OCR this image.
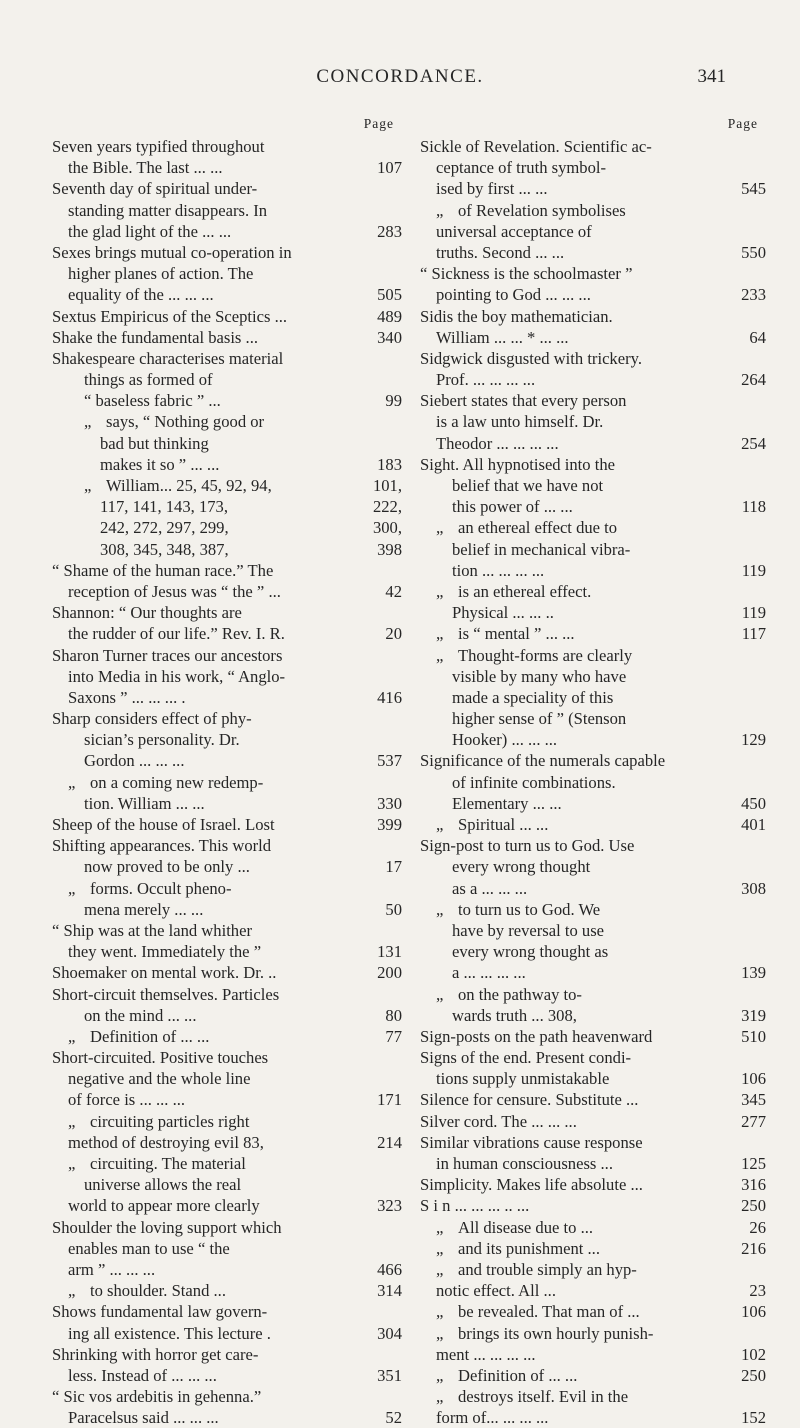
CONCORDANCE.	341
Page
Seven years typified throughout
the Bible. The last ... ...	107
Seventh day of spiritual under-
standing matter disappears. In
the glad light of the ... ...	283
Sexes brings mutual co-operation in
higher planes of action. The
equality of the ... ... ...	505
Sextus Empiricus of the Sceptics ...	489
Shake the fundamental basis ...	340
Shakespeare characterises material
things as formed of
“ baseless fabric ” ...	99
„ says, “ Nothing good or
bad but thinking
makes it so ” ... ...	183
„ William... 25, 45, 92, 94,	101,
117, 141, 143, 173,	222,
242, 272, 297, 299,	300,
308, 345, 348, 387,	398
“ Shame of the human race.” The
reception of Jesus was “ the ” ...	42
Shannon: “ Our thoughts are
the rudder of our life.” Rev. I. R.	20
Sharon Turner traces our ancestors
into Media in his work, “ Anglo-
Saxons ” ... ... ... .	416
Sharp considers effect of phy-
sician’s personality. Dr.
Gordon ... ... ...	537
„ on a coming new redemp-
tion. William ... ...	330
Sheep of the house of Israel. Lost	399
Shifting appearances. This world
now proved to be only ...	17
„ forms. Occult pheno-
mena merely ... ...	50
“ Ship was at the land whither
they went. Immediately the ”	131
Shoemaker on mental work. Dr. ..	200
Short-circuit themselves. Particles
on the mind ... ...	80
„ Definition of ... ...	77
Short-circuited. Positive touches
negative and the whole line
of force is ... ... ...	171
„ circuiting particles right
method of destroying evil 83,	214
„ circuiting. The material
universe allows the real
world to appear more clearly	323
Shoulder the loving support which
enables man to use “ the
arm ” ... ... ...	466
„ to shoulder. Stand ...	314
Shows fundamental law govern-
ing all existence. This lecture .	304
Shrinking with horror get care-
less. Instead of ... ... ...	351
“ Sic vos ardebitis in gehenna.”
Paracelsus said ... ... ...	52
Page
Sickle of Revelation. Scientific ac-
ceptance of truth symbol-
ised by first ... ...	545
„ of Revelation symbolises
universal acceptance of
truths. Second ... ...	550
“ Sickness is the schoolmaster ”
pointing to God ... ... ...	233
Sidis the boy mathematician.
William ... ... * ... ...	64
Sidgwick disgusted with trickery.
Prof. ... ... ... ...	264
Siebert states that every person
is a law unto himself. Dr.
Theodor ... ... ... ...	254
Sight. All hypnotised into the
belief that we have not
this power of ... ...	118
„ an ethereal effect due to
belief in mechanical vibra-
tion ... ... ... ...	119
„ is an ethereal effect.
Physical ... ... ..	119
„ is “ mental ” ... ...	117
„ Thought-forms are clearly
visible by many who have
made a speciality of this
higher sense of ” (Stenson
Hooker) ... ... ...	129
Significance of the numerals capable
of infinite combinations.
Elementary ... ...	450
„ Spiritual ... ...	401
Sign-post to turn us to God. Use
every wrong thought
as a ... ... ...	308
„ to turn us to God. We
have by reversal to use
every wrong thought as
a ... ... ... ...	139
„ on the pathway to-
wards truth ... 308,	319
Sign-posts on the path heavenward	510
Signs of the end. Present condi-
tions supply unmistakable	106
Silence for censure. Substitute ...	345
Silver cord. The ... ... ...	277
Similar vibrations cause response
in human consciousness ...	125
Simplicity. Makes life absolute ...	316
S i n ... ... ... .. ...	250
„ All disease due to ...	26
„ and its punishment ...	216
„ and trouble simply an hyp-
notic effect. All ...	23
„ be revealed. That man of ...	106
„ brings its own hourly punish-
ment ... ... ... ...	102
„ Definition of ... ...	250
„ destroys itself. Evil in the
form of... ... ... ...	152
